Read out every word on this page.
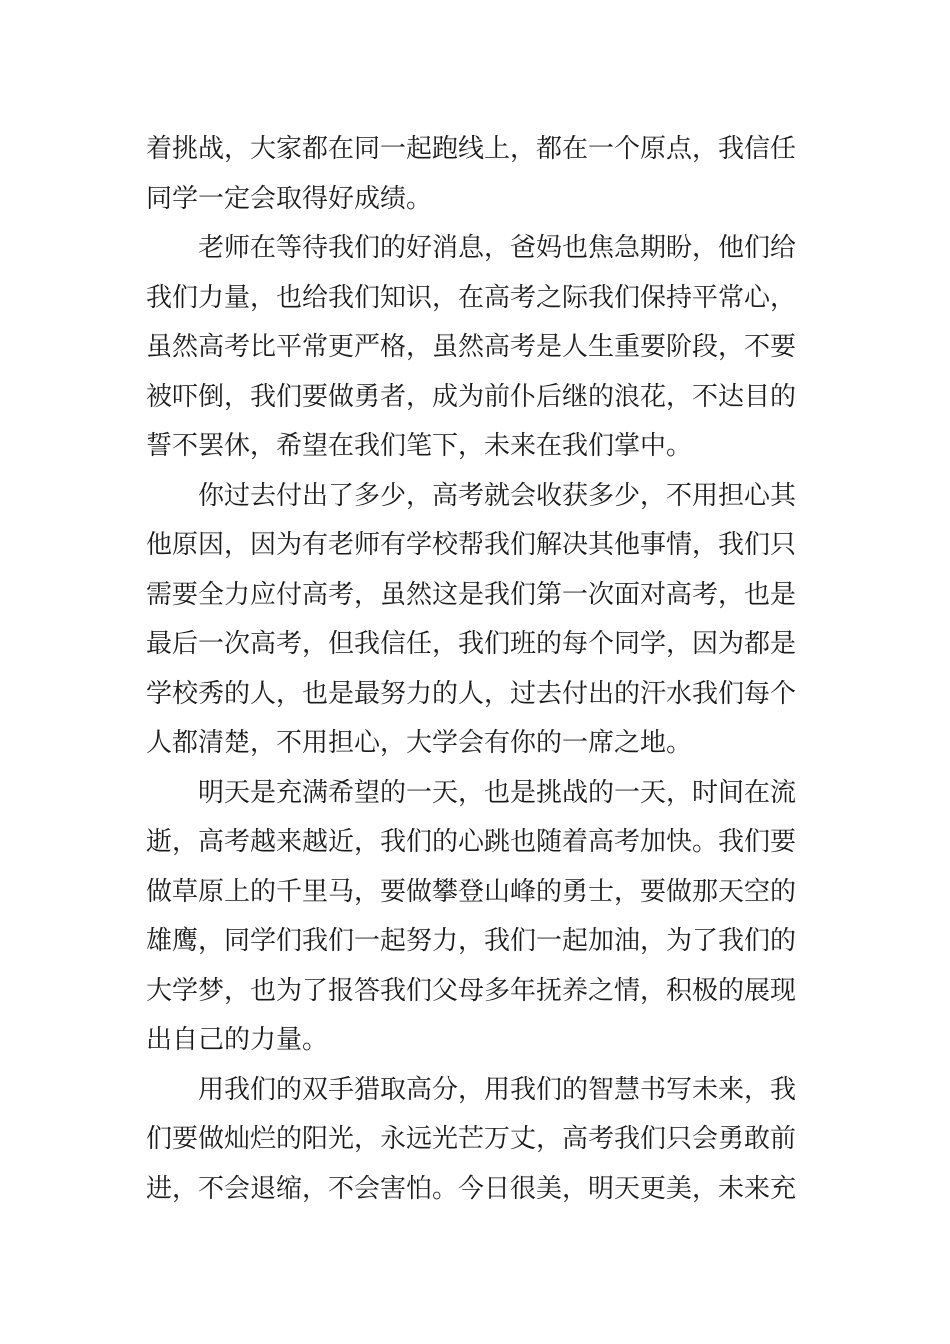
着挑战，大家都在同一起跑线上，都在一个原点，我信任
同学一定会取得好成绩。
老师在等待我们的好消息，爸妈也焦急期盼，他们给
我们力量，也给我们知识，在高考之际我们保持平常心，
虽然高考比平常更严格，虽然高考是人生重要阶段，不要
被吓倒，我们要做勇者，成为前仆后继的浪花，不达目的
誓不罢休，希望在我们笔下，未来在我们掌中。
你过去付出了多少，高考就会收获多少，不用担心其
他原因，因为有老师有学校帮我们解决其他事情，我们只
需要全力应付高考，虽然这是我们第一次面对高考，也是
最后一次高考，但我信任，我们班的每个同学，因为都是
学校秀的人，也是最努力的人，过去付出的汗水我们每个
人都清楚，不用担心，大学会有你的一席之地。
明天是充满希望的一天，也是挑战的一天，时间在流
逝，高考越来越近，我们的心跳也随着高考加快。我们要
做草原上的千里马，要做攀登山峰的勇士，要做那天空的
雄鹰，同学们我们一起努力，我们一起加油，为了我们的
大学梦，也为了报答我们父母多年抚养之情，积极的展现
出自己的力量。
用我们的双手猎取高分，用我们的智慧书写未来，我
们要做灿烂的阳光，永远光芒万丈，高考我们只会勇敢前
进，不会退缩，不会害怕。今日很美，明天更美，未来充
